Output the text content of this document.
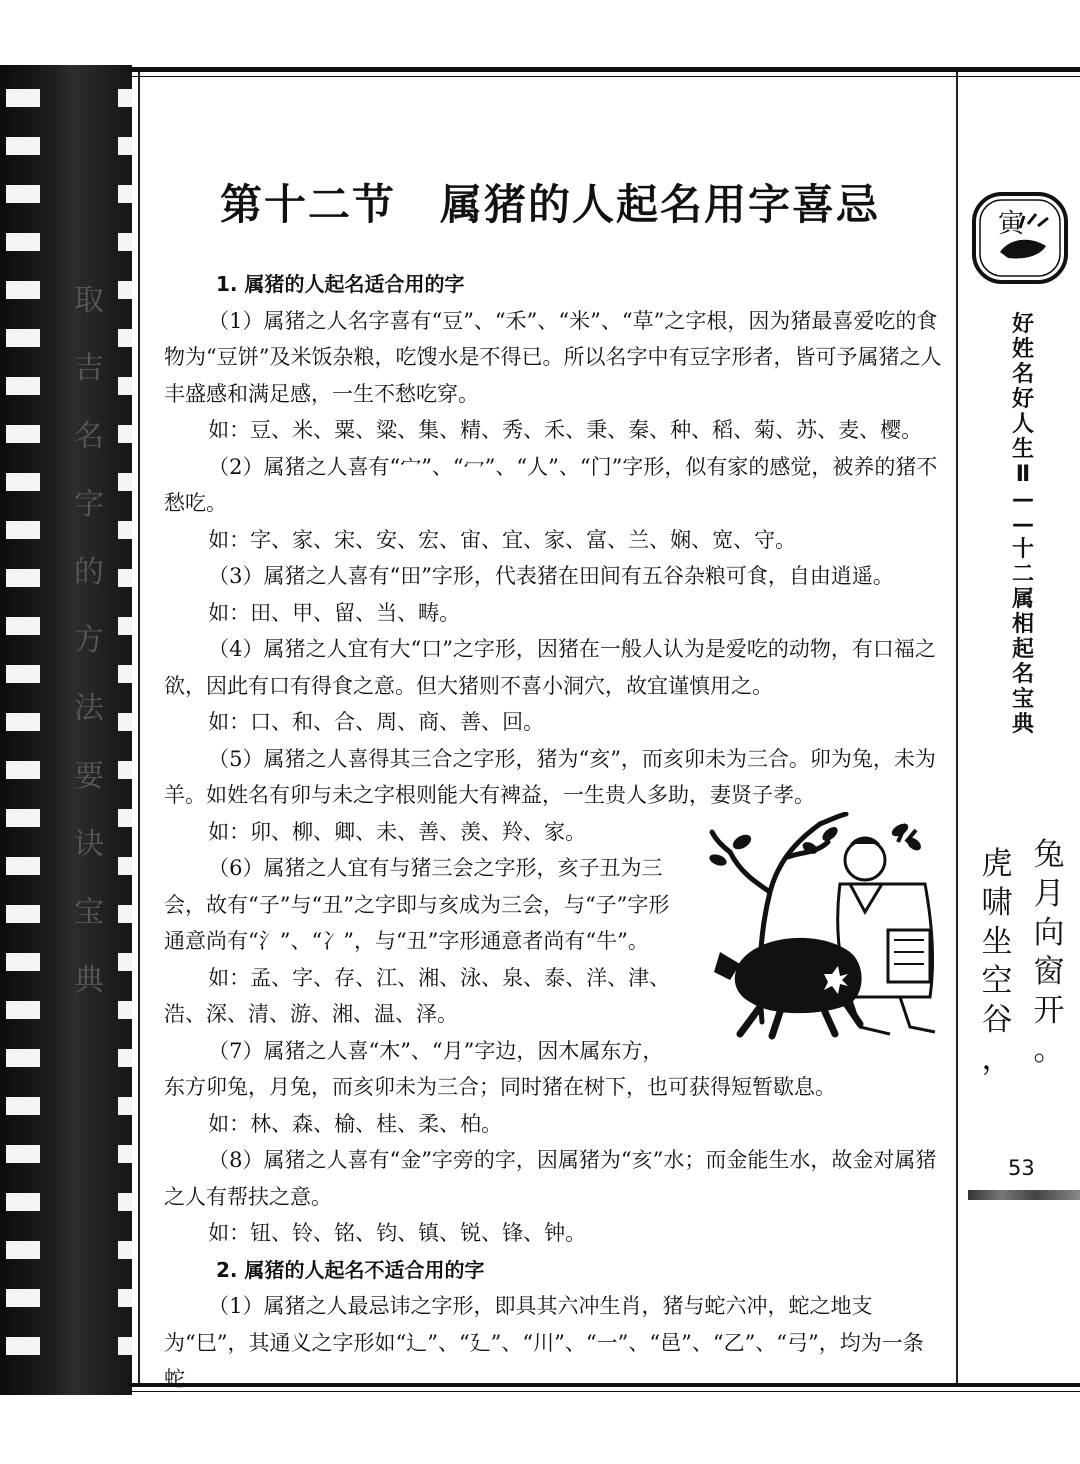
取
吉
名
字
的
方
法
要
诀
宝
典
第十二节　属猪的人起名用字喜忌

1. 属猪的人起名适合用的字

（1）属猪之人名字喜有“豆”、“禾”、“米”、“草”之字根，因为猪最喜爱吃的食物为“豆饼”及米饭杂粮，吃馊水是不得已。所以名字中有豆字形者，皆可予属猪之人丰盛感和满足感，一生不愁吃穿。

如：豆、米、粟、粱、集、精、秀、禾、秉、秦、种、稻、菊、苏、麦、樱。

（2）属猪之人喜有“宀”、“冖”、“人”、“门”字形，似有家的感觉，被养的猪不愁吃。

如：字、家、宋、安、宏、宙、宜、家、富、兰、娴、宽、守。

（3）属猪之人喜有“田”字形，代表猪在田间有五谷杂粮可食，自由逍遥。

如：田、甲、留、当、畴。

（4）属猪之人宜有大“口”之字形，因猪在一般人认为是爱吃的动物，有口福之欲，因此有口有得食之意。但大猪则不喜小洞穴，故宜谨慎用之。

如：口、和、合、周、商、善、回。

（5）属猪之人喜得其三合之字形，猪为“亥”，而亥卯未为三合。卯为兔，未为羊。如姓名有卯与未之字根则能大有裨益，一生贵人多助，妻贤子孝。

如：卯、柳、卿、未、善、羡、羚、家。

（6）属猪之人宜有与猪三会之字形，亥子丑为三会，故有“子”与“丑”之字即与亥成为三会，与“子”字形通意尚有“氵”、“冫”，与“丑”字形通意者尚有“牛”。

如：孟、字、存、江、湘、泳、泉、泰、洋、津、浩、深、清、游、湘、温、泽。

（7）属猪之人喜“木”、“月”字边，因木属东方，

东方卯兔，月兔，而亥卯未为三合；同时猪在树下，也可获得短暂歇息。

如：林、森、榆、桂、柔、柏。

（8）属猪之人喜有“金”字旁的字，因属猪为“亥”水；而金能生水，故金对属猪之人有帮扶之意。

如：钮、铃、铭、钧、镇、锐、锋、钟。

2. 属猪的人起名不适合用的字

（1）属猪之人最忌讳之字形，即具其六冲生肖，猪与蛇六冲，蛇之地支为“巳”，其通义之字形如“辶”、“廴”、“川”、“一”、“邑”、“乙”、“弓”，均为一条蛇

寅
好
姓
名
好
人
生
Ⅱ
—
—
十
二
属
相
起
名
宝
典
兔
月
向
窗
开
。
虎
啸
坐
空
谷
，
53
